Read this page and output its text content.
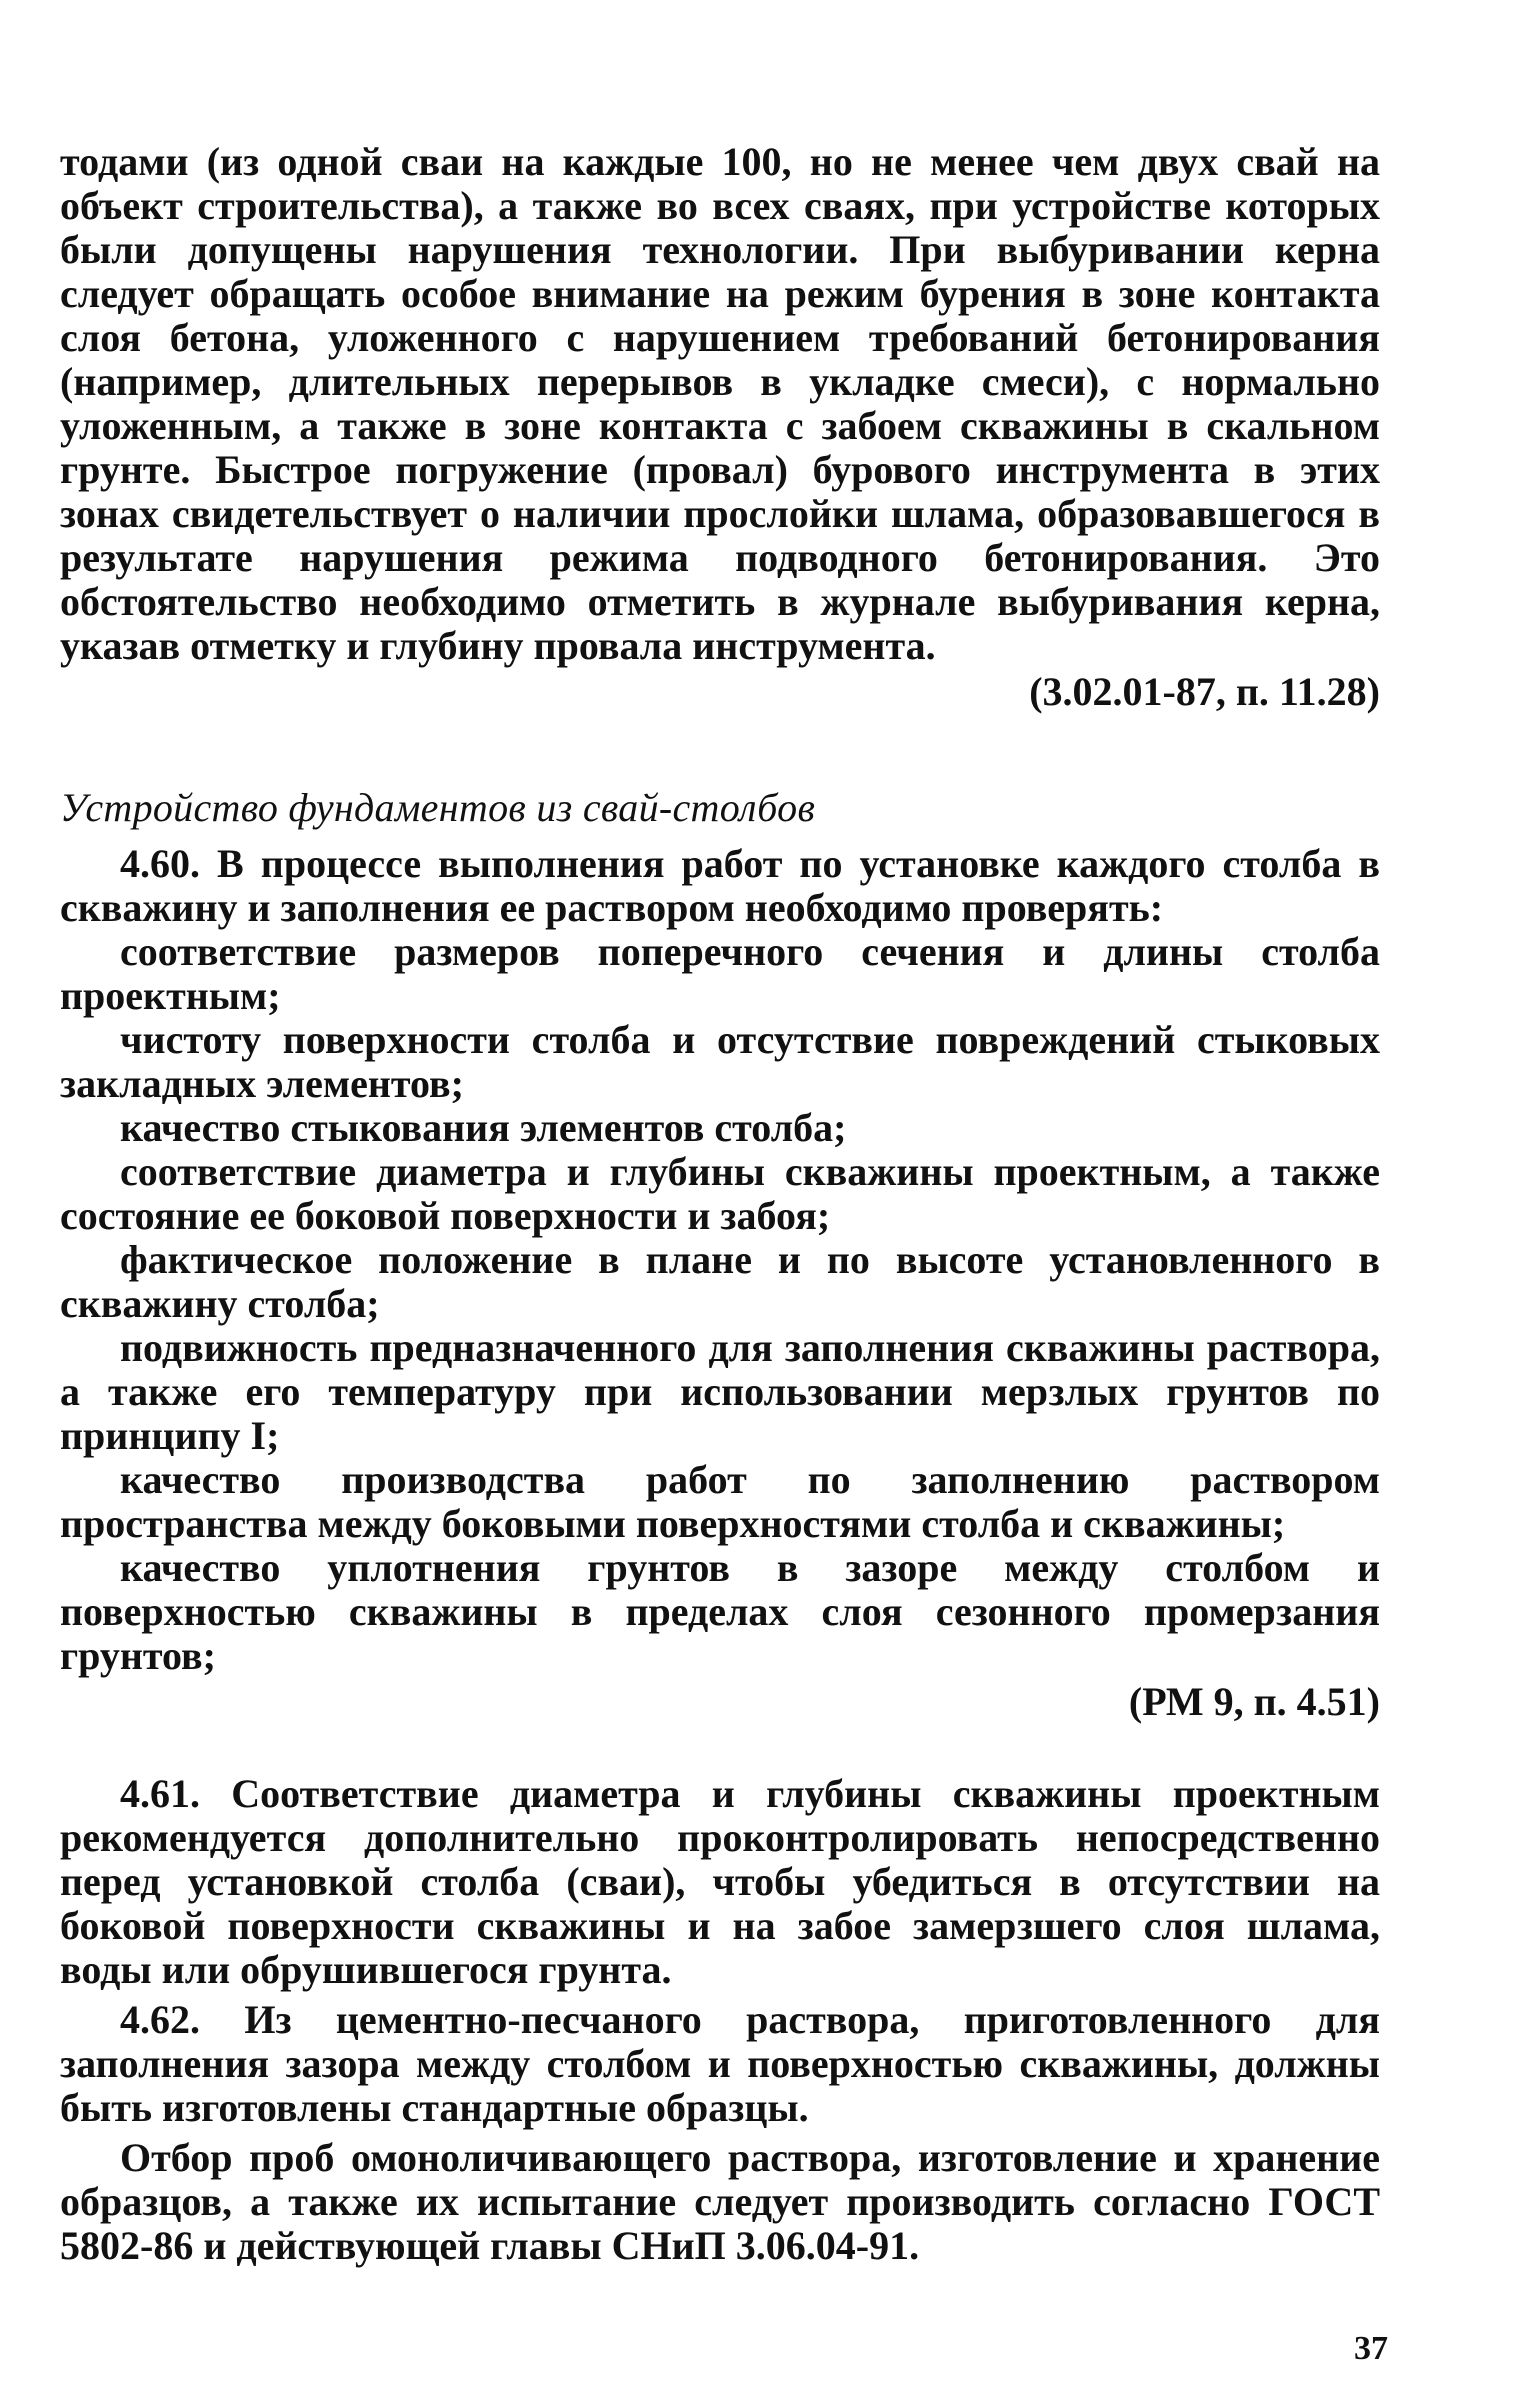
тодами (из одной сваи на каждые 100, но не менее чем двух свай на объект строительства), а также во всех сваях, при устройстве которых были допущены нарушения технологии. При выбуривании керна следует обращать особое внимание на режим бурения в зоне контакта слоя бетона, уложенного с нарушением требований бетонирования (например, длительных перерывов в укладке смеси), с нормально уложенным, а также в зоне контакта с забоем скважины в скальном грунте. Быстрое погружение (провал) бурового инструмента в этих зонах свидетельствует о наличии прослойки шлама, образовавшегося в результате нарушения режима подводного бетонирования. Это обстоятельство необходимо отметить в журнале выбуривания керна, указав отметку и глубину провала инструмента.

(3.02.01-87, п. 11.28)

Устройство фундаментов из свай-столбов

4.60. В процессе выполнения работ по установке каждого столба в скважину и заполнения ее раствором необходимо проверять:

соответствие размеров поперечного сечения и длины столба проектным;

чистоту поверхности столба и отсутствие повреждений стыковых закладных элементов;

качество стыкования элементов столба;

соответствие диаметра и глубины скважины проектным, а также состояние ее боковой поверхности и забоя;

фактическое положение в плане и по высоте установленного в скважину столба;

подвижность предназначенного для заполнения скважины раствора, а также его температуру при использовании мерзлых грунтов по принципу I;

качество производства работ по заполнению раствором пространства между боковыми поверхностями столба и скважины;

качество уплотнения грунтов в зазоре между столбом и поверхностью скважины в пределах слоя сезонного промерзания грунтов;

(РМ 9, п. 4.51)

4.61. Соответствие диаметра и глубины скважины проектным рекомендуется дополнительно проконтролировать непосредственно перед установкой столба (сваи), чтобы убедиться в отсутствии на боковой поверхности скважины и на забое замерзшего слоя шлама, воды или обрушившегося грунта.

4.62. Из цементно-песчаного раствора, приготовленного для заполнения зазора между столбом и поверхностью скважины, должны быть изготовлены стандартные образцы.

Отбор проб омоноличивающего раствора, изготовление и хранение образцов, а также их испытание следует производить согласно ГОСТ 5802-86 и действующей главы СНиП 3.06.04-91.

37
